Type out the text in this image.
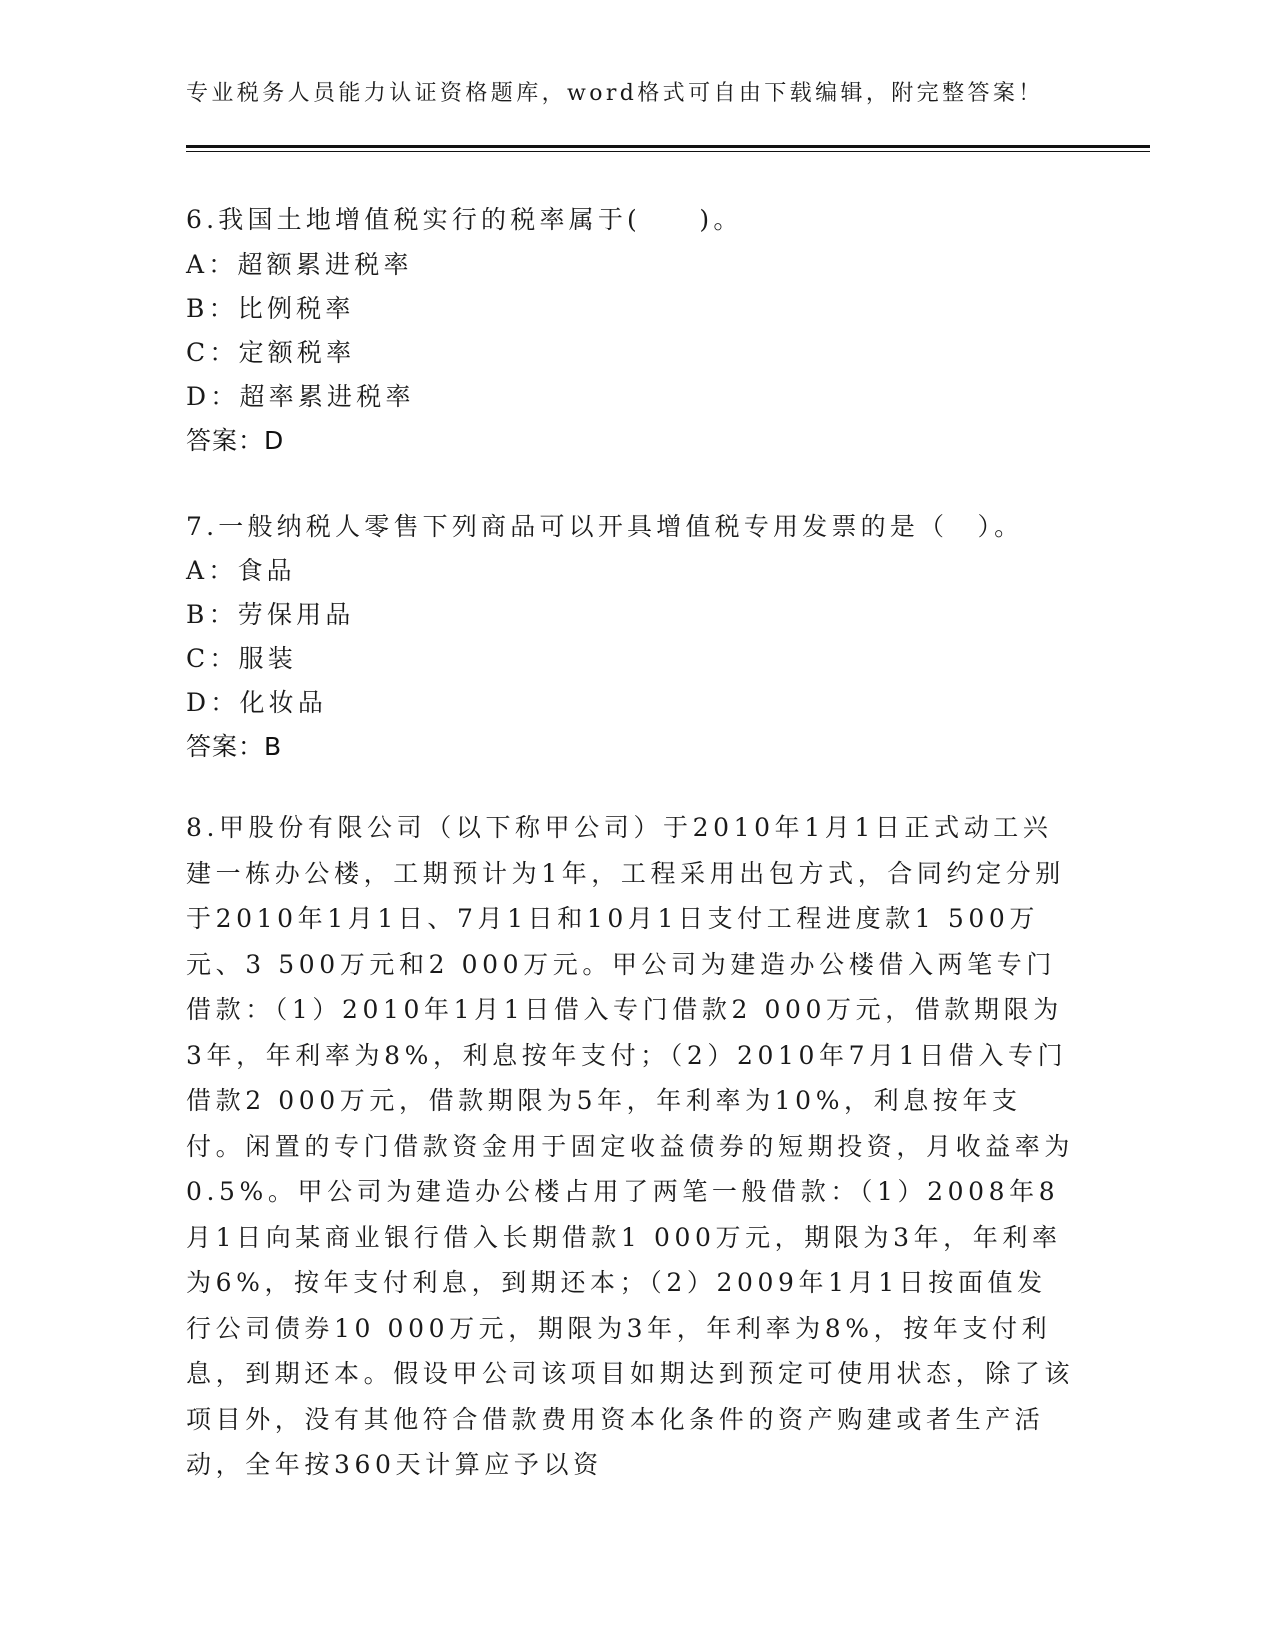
专业税务人员能力认证资格题库，word格式可自由下载编辑，附完整答案！
6.我国土地增值税实行的税率属于(　　)。
A：超额累进税率
B：比例税率
C：定额税率
D：超率累进税率
答案：D
7.一般纳税人零售下列商品可以开具增值税专用发票的是（　）。
A：食品
B：劳保用品
C：服装
D：化妆品
答案：B
8.甲股份有限公司（以下称甲公司）于2010年1月1日正式动工兴建一栋办公楼，工期预计为1年，工程采用出包方式，合同约定分别于2010年1月1日、7月1日和10月1日支付工程进度款1 500万元、3 500万元和2 000万元。甲公司为建造办公楼借入两笔专门借款：（1）2010年1月1日借入专门借款2 000万元，借款期限为3年，年利率为8%，利息按年支付；（2）2010年7月1日借入专门借款2 000万元，借款期限为5年，年利率为10%，利息按年支付。闲置的专门借款资金用于固定收益债券的短期投资，月收益率为0.5%。甲公司为建造办公楼占用了两笔一般借款：（1）2008年8月1日向某商业银行借入长期借款1 000万元，期限为3年，年利率为6%，按年支付利息，到期还本；（2）2009年1月1日按面值发行公司债券10 000万元，期限为3年，年利率为8%，按年支付利息，到期还本。假设甲公司该项目如期达到预定可使用状态，除了该项目外，没有其他符合借款费用资本化条件的资产购建或者生产活动，全年按360天计算应予以资
